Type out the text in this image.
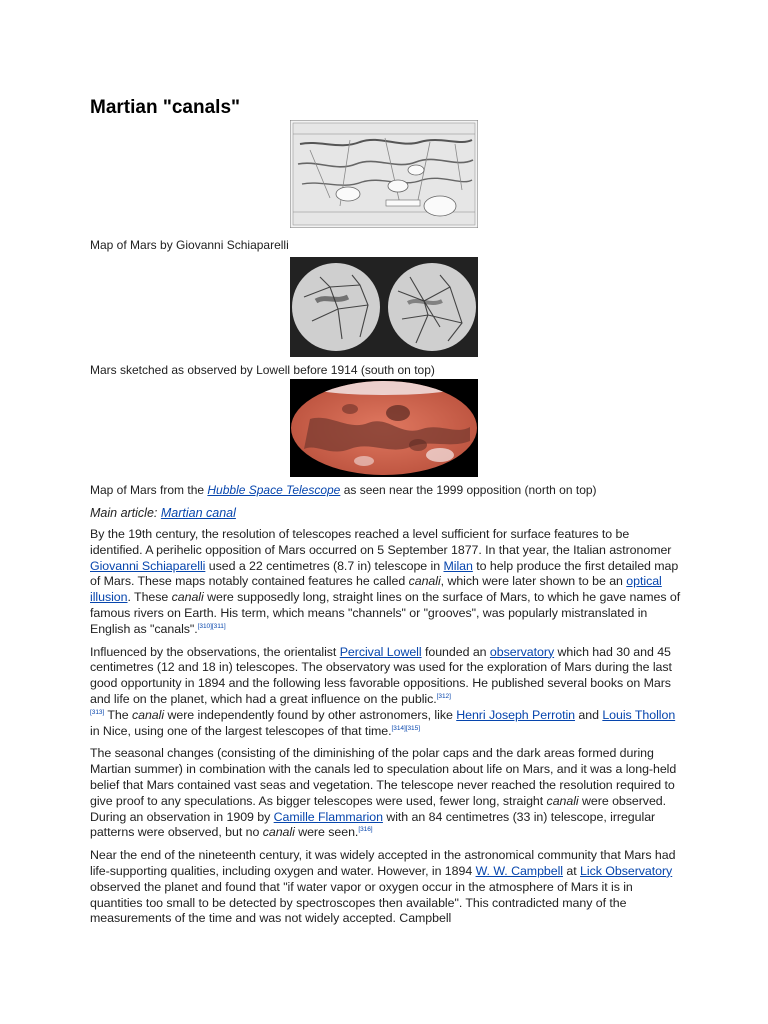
Martian "canals"

Map of Mars by Giovanni Schiaparelli

Mars sketched as observed by Lowell before 1914 (south on top)

Map of Mars from the Hubble Space Telescope as seen near the 1999 opposition (north on top)

Main article: Martian canal

By the 19th century, the resolution of telescopes reached a level sufficient for surface features to be identified. A perihelic opposition of Mars occurred on 5 September 1877. In that year, the Italian astronomer Giovanni Schiaparelli used a 22 centimetres (8.7 in) telescope in Milan to help produce the first detailed map of Mars. These maps notably contained features he called canali, which were later shown to be an optical illusion. These canali were supposedly long, straight lines on the surface of Mars, to which he gave names of famous rivers on Earth. His term, which means "channels" or "grooves", was popularly mistranslated in English as "canals".[310][311]

Influenced by the observations, the orientalist Percival Lowell founded an observatory which had 30 and 45 centimetres (12 and 18 in) telescopes. The observatory was used for the exploration of Mars during the last good opportunity in 1894 and the following less favorable oppositions. He published several books on Mars and life on the planet, which had a great influence on the public.[312]
[313] The canali were independently found by other astronomers, like Henri Joseph Perrotin and Louis Thollon in Nice, using one of the largest telescopes of that time.[314][315]

The seasonal changes (consisting of the diminishing of the polar caps and the dark areas formed during Martian summer) in combination with the canals led to speculation about life on Mars, and it was a long-held belief that Mars contained vast seas and vegetation. The telescope never reached the resolution required to give proof to any speculations. As bigger telescopes were used, fewer long, straight canali were observed. During an observation in 1909 by Camille Flammarion with an 84 centimetres (33 in) telescope, irregular patterns were observed, but no canali were seen.[316]

Near the end of the nineteenth century, it was widely accepted in the astronomical community that Mars had life-supporting qualities, including oxygen and water. However, in 1894 W. W. Campbell at Lick Observatory observed the planet and found that "if water vapor or oxygen occur in the atmosphere of Mars it is in quantities too small to be detected by spectroscopes then available". This contradicted many of the measurements of the time and was not widely accepted. Campbell
